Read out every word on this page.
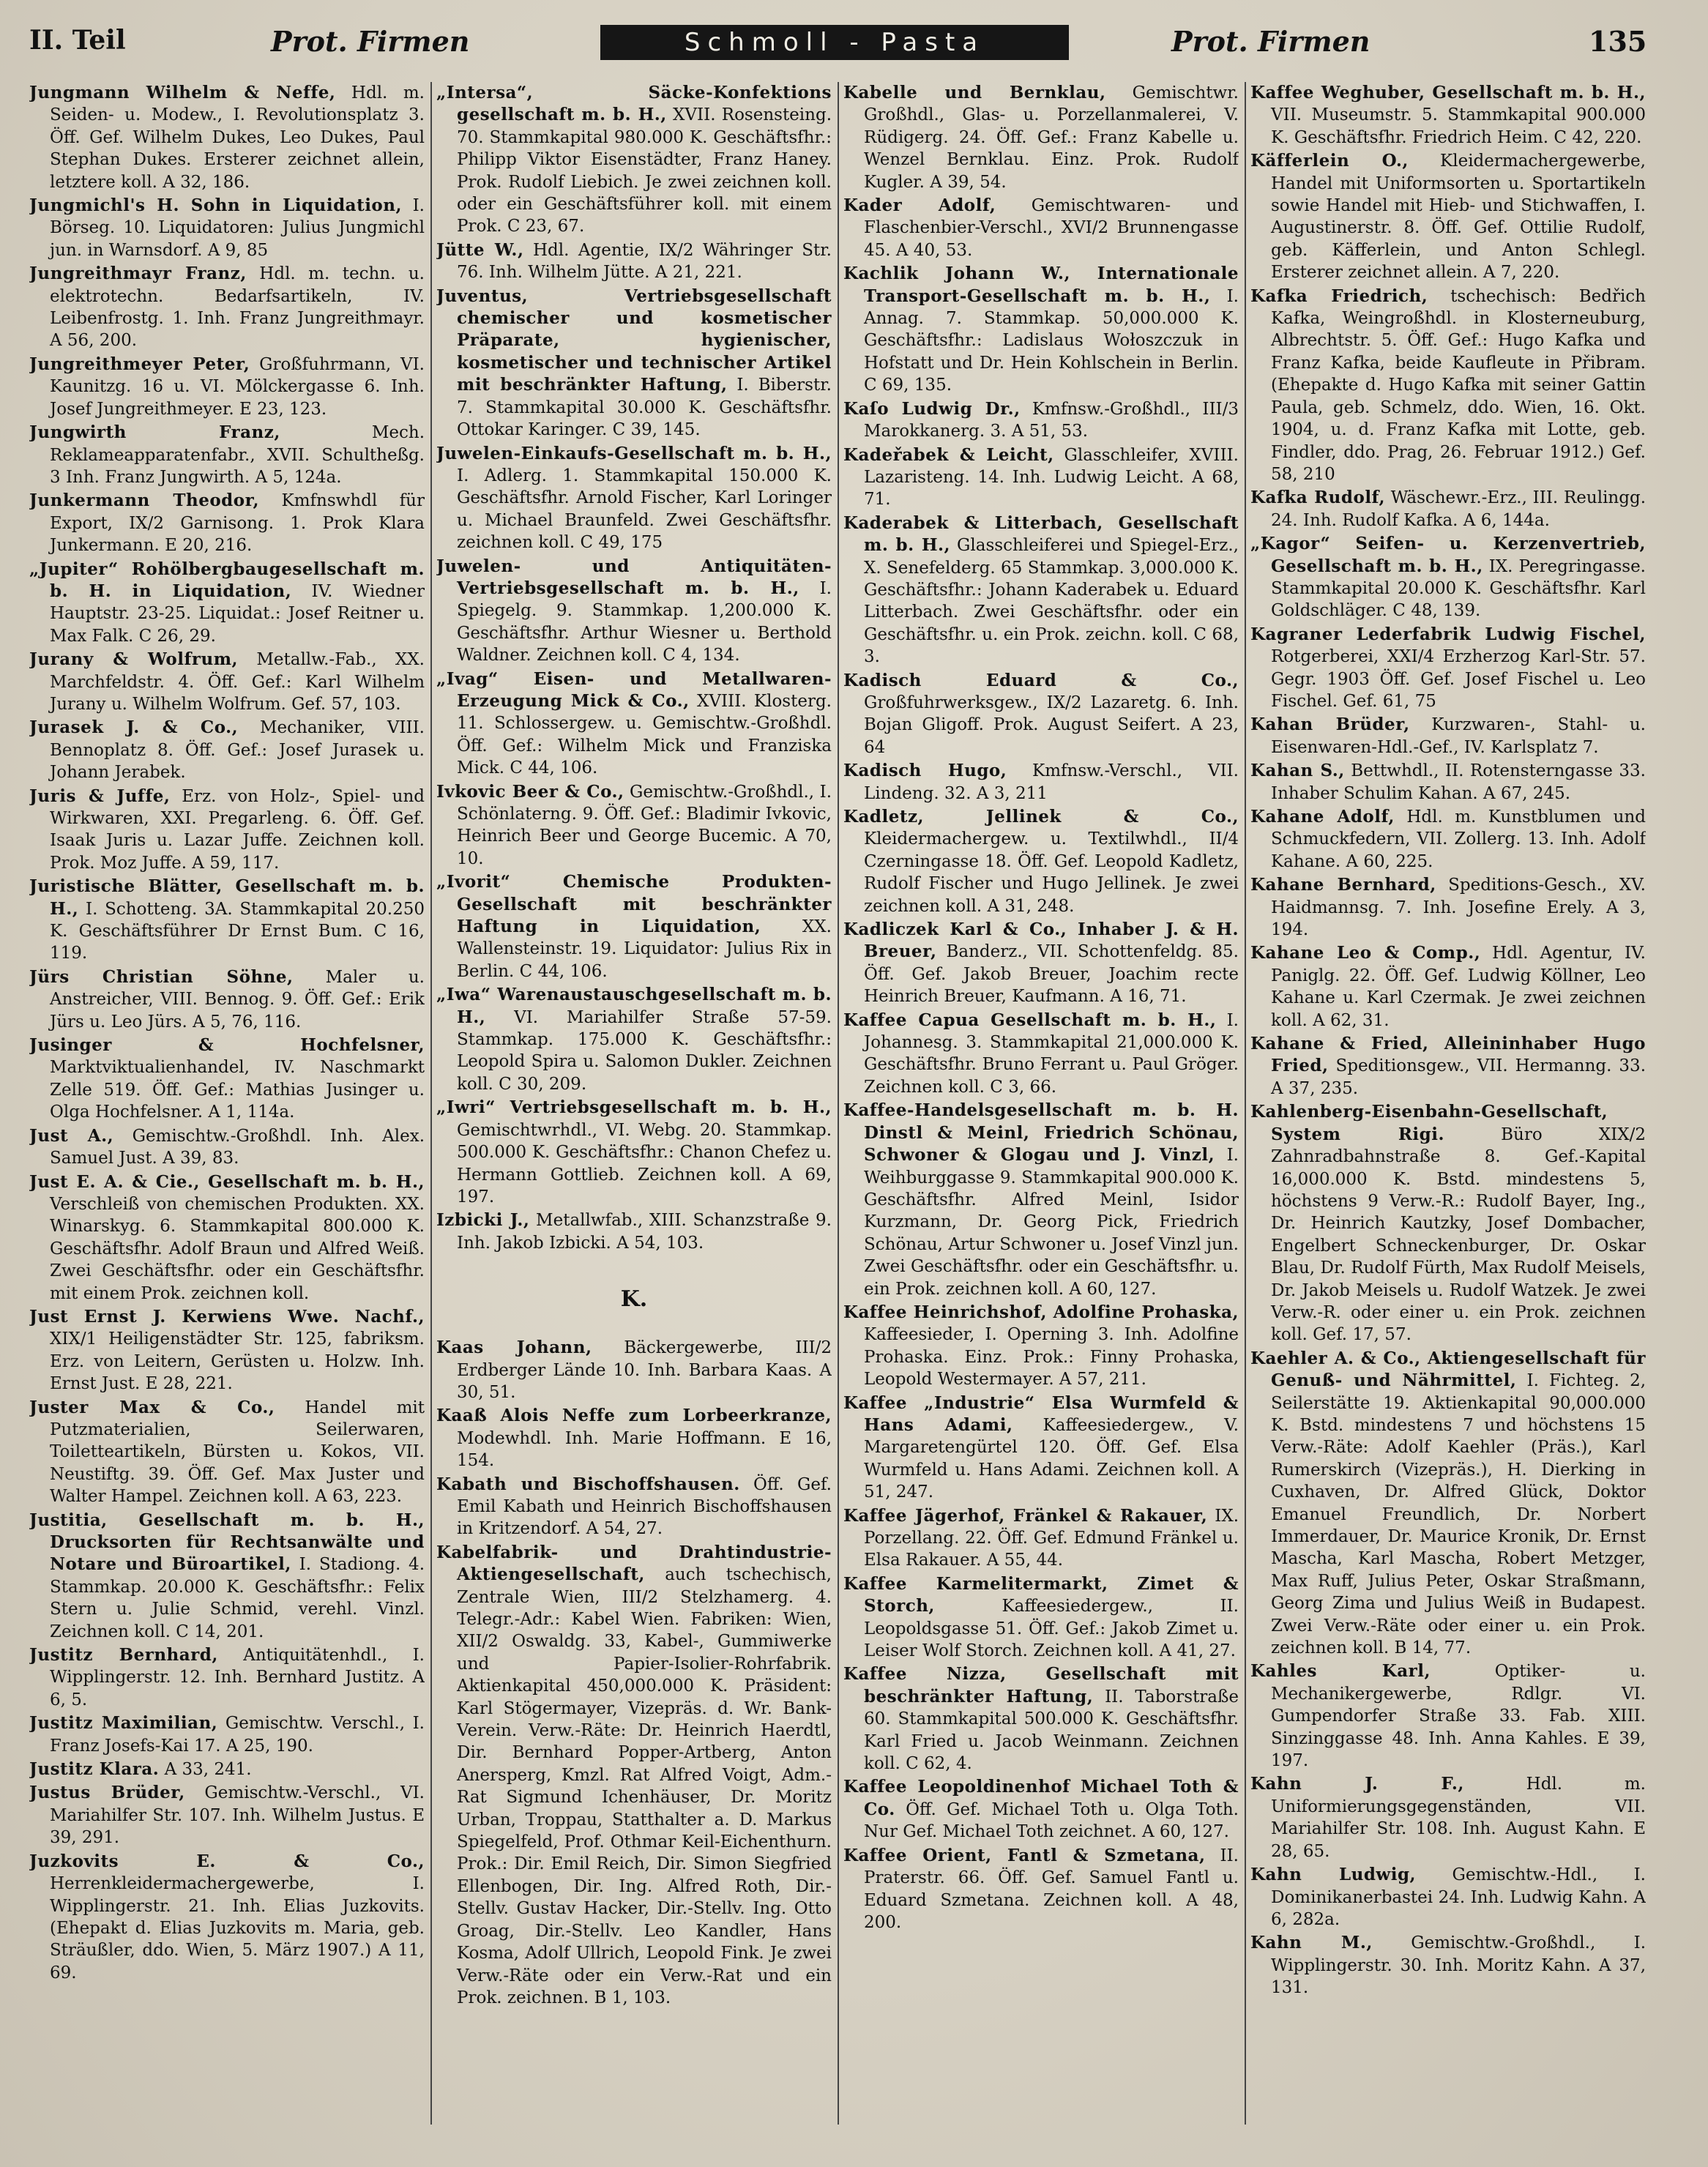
II. Teil	Prot. Firmen	Schmoll - Pasta	Prot. Firmen	135

Jungmann Wilhelm & Neffe, Hdl. m. Seiden- u. Modew., I. Revolutionsplatz 3. Öff. Gef. Wilhelm Dukes, Leo Dukes, Paul Stephan Dukes. Ersterer zeichnet allein, letztere koll. A 32, 186.

Jungmichl's H. Sohn in Liquidation, I. Börseg. 10. Liquidatoren: Julius Jungmichl jun. in Warnsdorf. A 9, 85

Jungreithmayr Franz, Hdl. m. techn. u. elektrotechn. Bedarfsartikeln, IV. Leibenfrostg. 1. Inh. Franz Jungreithmayr. A 56, 200.

Jungreithmeyer Peter, Großfuhrmann, VI. Kaunitzg. 16 u. VI. Mölckergasse 6. Inh. Josef Jungreithmeyer. E 23, 123.

Jungwirth Franz, Mech. Reklameapparatenfabr., XVII. Schultheßg. 3 Inh. Franz Jungwirth. A 5, 124a.

Junkermann Theodor, Kmfnswhdl für Export, IX/2 Garnisong. 1. Prok Klara Junkermann. E 20, 216.

„Jupiter“ Rohölbergbaugesellschaft m. b. H. in Liquidation, IV. Wiedner Hauptstr. 23-25. Liquidat.: Josef Reitner u. Max Falk. C 26, 29.

Jurany & Wolfrum, Metallw.-Fab., XX. Marchfeldstr. 4. Öff. Gef.: Karl Wilhelm Jurany u. Wilhelm Wolfrum. Gef. 57, 103.

Jurasek J. & Co., Mechaniker, VIII. Bennoplatz 8. Öff. Gef.: Josef Jurasek u. Johann Jerabek.

Juris & Juffe, Erz. von Holz-, Spiel- und Wirkwaren, XXI. Pregarleng. 6. Öff. Gef. Isaak Juris u. Lazar Juffe. Zeichnen koll. Prok. Moz Juffe. A 59, 117.

Juristische Blätter, Gesellschaft m. b. H., I. Schotteng. 3A. Stammkapital 20.250 K. Geschäftsführer Dr Ernst Bum. C 16, 119.

Jürs Christian Söhne, Maler u. Anstreicher, VIII. Bennog. 9. Öff. Gef.: Erik Jürs u. Leo Jürs. A 5, 76, 116.

Jusinger & Hochfelsner, Marktviktualienhandel, IV. Naschmarkt Zelle 519. Öff. Gef.: Mathias Jusinger u. Olga Hochfelsner. A 1, 114a.

Just A., Gemischtw.-Großhdl. Inh. Alex. Samuel Just. A 39, 83.

Just E. A. & Cie., Gesellschaft m. b. H., Verschleiß von chemischen Produkten. XX. Winarskyg. 6. Stammkapital 800.000 K. Geschäftsfhr. Adolf Braun und Alfred Weiß. Zwei Geschäftsfhr. oder ein Geschäftsfhr. mit einem Prok. zeichnen koll.

Just Ernst J. Kerwiens Wwe. Nachf., XIX/1 Heiligenstädter Str. 125, fabriksm. Erz. von Leitern, Gerüsten u. Holzw. Inh. Ernst Just. E 28, 221.

Juster Max & Co., Handel mit Putzmaterialien, Seilerwaren, Toiletteartikeln, Bürsten u. Kokos, VII. Neustiftg. 39. Öff. Gef. Max Juster und Walter Hampel. Zeichnen koll. A 63, 223.

Justitia, Gesellschaft m. b. H., Drucksorten für Rechtsanwälte und Notare und Büroartikel, I. Stadiong. 4. Stammkap. 20.000 K. Geschäftsfhr.: Felix Stern u. Julie Schmid, verehl. Vinzl. Zeichnen koll. C 14, 201.

Justitz Bernhard, Antiquitätenhdl., I. Wipplingerstr. 12. Inh. Bernhard Justitz. A 6, 5.

Justitz Maximilian, Gemischtw. Verschl., I. Franz Josefs-Kai 17. A 25, 190.

Justitz Klara. A 33, 241.

Justus Brüder, Gemischtw.-Verschl., VI. Mariahilfer Str. 107. Inh. Wilhelm Justus. E 39, 291.

Juzkovits E. & Co., Herrenkleidermachergewerbe, I. Wipplingerstr. 21. Inh. Elias Juzkovits. (Ehepakt d. Elias Juzkovits m. Maria, geb. Sträußler, ddo. Wien, 5. März 1907.) A 11, 69.

„Intersa“, Säcke-Konfektions gesellschaft m. b. H., XVII. Rosensteing. 70. Stammkapital 980.000 K. Geschäftsfhr.: Philipp Viktor Eisenstädter, Franz Haney. Prok. Rudolf Liebich. Je zwei zeichnen koll. oder ein Geschäftsführer koll. mit einem Prok. C 23, 67.

Jütte W., Hdl. Agentie, IX/2 Währinger Str. 76. Inh. Wilhelm Jütte. A 21, 221.

Juventus, Vertriebsgesellschaft chemischer und kosmetischer Präparate, hygienischer, kosmetischer und technischer Artikel mit beschränkter Haftung, I. Biberstr. 7. Stammkapital 30.000 K. Geschäftsfhr. Ottokar Karinger. C 39, 145.

Juwelen-Einkaufs-Gesellschaft m. b. H., I. Adlerg. 1. Stammkapital 150.000 K. Geschäftsfhr. Arnold Fischer, Karl Loringer u. Michael Braunfeld. Zwei Geschäftsfhr. zeichnen koll. C 49, 175

Juwelen- und Antiquitäten-Vertriebsgesellschaft m. b. H., I. Spiegelg. 9. Stammkap. 1,200.000 K. Geschäftsfhr. Arthur Wiesner u. Berthold Waldner. Zeichnen koll. C 4, 134.

„Ivag“ Eisen- und Metallwaren-Erzeugung Mick & Co., XVIII. Klosterg. 11. Schlossergew. u. Gemischtw.-Großhdl. Öff. Gef.: Wilhelm Mick und Franziska Mick. C 44, 106.

Ivkovic Beer & Co., Gemischtw.-Großhdl., I. Schönlaterng. 9. Öff. Gef.: Bladimir Ivkovic, Heinrich Beer und George Bucemic. A 70, 10.

„Ivorit“ Chemische Produkten-Gesellschaft mit beschränkter Haftung in Liquidation, XX. Wallensteinstr. 19. Liquidator: Julius Rix in Berlin. C 44, 106.

„Iwa“ Warenaustauschgesellschaft m. b. H., VI. Mariahilfer Straße 57-59. Stammkap. 175.000 K. Geschäftsfhr.: Leopold Spira u. Salomon Dukler. Zeichnen koll. C 30, 209.

„Iwri“ Vertriebsgesellschaft m. b. H., Gemischtwrhdl., VI. Webg. 20. Stammkap. 500.000 K. Geschäftsfhr.: Chanon Chefez u. Hermann Gottlieb. Zeichnen koll. A 69, 197.

Izbicki J., Metallwfab., XIII. Schanzstraße 9. Inh. Jakob Izbicki. A 54, 103.

K.

Kaas Johann, Bäckergewerbe, III/2 Erdberger Lände 10. Inh. Barbara Kaas. A 30, 51.

Kaaß Alois Neffe zum Lorbeerkranze, Modewhdl. Inh. Marie Hoffmann. E 16, 154.

Kabath und Bischoffshausen. Öff. Gef. Emil Kabath und Heinrich Bischoffshausen in Kritzendorf. A 54, 27.

Kabelfabrik- und Drahtindustrie-Aktiengesellschaft, auch tschechisch, Zentrale Wien, III/2 Stelzhamerg. 4. Telegr.-Adr.: Kabel Wien. Fabriken: Wien, XII/2 Oswaldg. 33, Kabel-, Gummiwerke und Papier-Isolier-Rohrfabrik. Aktienkapital 450,000.000 K. Präsident: Karl Stögermayer, Vizepräs. d. Wr. Bank-Verein. Verw.-Räte: Dr. Heinrich Haerdtl, Dir. Bernhard Popper-Artberg, Anton Anersperg, Kmzl. Rat Alfred Voigt, Adm.-Rat Sigmund Ichenhäuser, Dr. Moritz Urban, Troppau, Statthalter a. D. Markus Spiegelfeld, Prof. Othmar Keil-Eichenthurn. Prok.: Dir. Emil Reich, Dir. Simon Siegfried Ellenbogen, Dir. Ing. Alfred Roth, Dir.-Stellv. Gustav Hacker, Dir.-Stellv. Ing. Otto Groag, Dir.-Stellv. Leo Kandler, Hans Kosma, Adolf Ullrich, Leopold Fink. Je zwei Verw.-Räte oder ein Verw.-Rat und ein Prok. zeichnen. B 1, 103.

Kabelle und Bernklau, Gemischtwr. Großhdl., Glas- u. Porzellanmalerei, V. Rüdigerg. 24. Öff. Gef.: Franz Kabelle u. Wenzel Bernklau. Einz. Prok. Rudolf Kugler. A 39, 54.

Kader Adolf, Gemischtwaren- und Flaschenbier-Verschl., XVI/2 Brunnengasse 45. A 40, 53.

Kachlik Johann W., Internationale Transport-Gesellschaft m. b. H., I. Annag. 7. Stammkap. 50,000.000 K. Geschäftsfhr.: Ladislaus Wołoszczuk in Hofstatt und Dr. Hein Kohlschein in Berlin. C 69, 135.

Kaſo Ludwig Dr., Kmfnsw.-Großhdl., III/3 Marokkanerg. 3. A 51, 53.

Kadeřabek & Leicht, Glasschleifer, XVIII. Lazaristeng. 14. Inh. Ludwig Leicht. A 68, 71.

Kaderabek & Litterbach, Gesellschaft m. b. H., Glasschleiferei und Spiegel-Erz., X. Senefelderg. 65 Stammkap. 3,000.000 K. Geschäftsfhr.: Johann Kaderabek u. Eduard Litterbach. Zwei Geschäftsfhr. oder ein Geschäftsfhr. u. ein Prok. zeichn. koll. C 68, 3.

Kadisch Eduard & Co., Großfuhrwerksgew., IX/2 Lazaretg. 6. Inh. Bojan Gligoff. Prok. August Seifert. A 23, 64

Kadisch Hugo, Kmfnsw.-Verschl., VII. Lindeng. 32. A 3, 211

Kadletz, Jellinek & Co., Kleidermachergew. u. Textilwhdl., II/4 Czerningasse 18. Öff. Gef. Leopold Kadletz, Rudolf Fischer und Hugo Jellinek. Je zwei zeichnen koll. A 31, 248.

Kadliczek Karl & Co., Inhaber J. & H. Breuer, Banderz., VII. Schottenfeldg. 85. Öff. Gef. Jakob Breuer, Joachim recte Heinrich Breuer, Kaufmann. A 16, 71.

Kaffee Capua Gesellschaft m. b. H., I. Johannesg. 3. Stammkapital 21,000.000 K. Geschäftsfhr. Bruno Ferrant u. Paul Gröger. Zeichnen koll. C 3, 66.

Kaffee-Handelsgesellschaft m. b. H. Dinstl & Meinl, Friedrich Schönau, Schwoner & Glogau und J. Vinzl, I. Weihburggasse 9. Stammkapital 900.000 K. Geschäftsfhr. Alfred Meinl, Isidor Kurzmann, Dr. Georg Pick, Friedrich Schönau, Artur Schwoner u. Josef Vinzl jun. Zwei Geschäftsfhr. oder ein Geschäftsfhr. u. ein Prok. zeichnen koll. A 60, 127.

Kaffee Heinrichshof, Adolfine Prohaska, Kaffeesieder, I. Operning 3. Inh. Adolfine Prohaska. Einz. Prok.: Finny Prohaska, Leopold Westermayer. A 57, 211.

Kaffee „Industrie“ Elsa Wurmfeld & Hans Adami, Kaffeesiedergew., V. Margaretengürtel 120. Öff. Gef. Elsa Wurmfeld u. Hans Adami. Zeichnen koll. A 51, 247.

Kaffee Jägerhof, Fränkel & Rakauer, IX. Porzellang. 22. Öff. Gef. Edmund Fränkel u. Elsa Rakauer. A 55, 44.

Kaffee Karmelitermarkt, Zimet & Storch, Kaffeesiedergew., II. Leopoldsgasse 51. Öff. Gef.: Jakob Zimet u. Leiser Wolf Storch. Zeichnen koll. A 41, 27.

Kaffee Nizza, Gesellschaft mit beschränkter Haftung, II. Taborstraße 60. Stammkapital 500.000 K. Geschäftsfhr. Karl Fried u. Jacob Weinmann. Zeichnen koll. C 62, 4.

Kaffee Leopoldinenhof Michael Toth & Co. Öff. Gef. Michael Toth u. Olga Toth. Nur Gef. Michael Toth zeichnet. A 60, 127.

Kaffee Orient, Fantl & Szmetana, II. Praterstr. 66. Öff. Gef. Samuel Fantl u. Eduard Szmetana. Zeichnen koll. A 48, 200.

Kaffee Weghuber, Gesellschaft m. b. H., VII. Museumstr. 5. Stammkapital 900.000 K. Geschäftsfhr. Friedrich Heim. C 42, 220.

Käfferlein O., Kleidermachergewerbe, Handel mit Uniformsorten u. Sportartikeln sowie Handel mit Hieb- und Stichwaffen, I. Augustinerstr. 8. Öff. Gef. Ottilie Rudolf, geb. Käfferlein, und Anton Schlegl. Ersterer zeichnet allein. A 7, 220.

Kafka Friedrich, tschechisch: Bedřich Kafka, Weingroßhdl. in Klosterneuburg, Albrechtstr. 5. Öff. Gef.: Hugo Kafka und Franz Kafka, beide Kaufleute in Přibram. (Ehepakte d. Hugo Kafka mit seiner Gattin Paula, geb. Schmelz, ddo. Wien, 16. Okt. 1904, u. d. Franz Kafka mit Lotte, geb. Findler, ddo. Prag, 26. Februar 1912.) Gef. 58, 210

Kafka Rudolf, Wäschewr.-Erz., III. Reulingg. 24. Inh. Rudolf Kafka. A 6, 144a.

„Kagor“ Seifen- u. Kerzenvertrieb, Gesellschaft m. b. H., IX. Peregringasse. Stammkapital 20.000 K. Geschäftsfhr. Karl Goldschläger. C 48, 139.

Kagraner Lederfabrik Ludwig Fischel, Rotgerberei, XXI/4 Erzherzog Karl-Str. 57. Gegr. 1903 Öff. Gef. Josef Fischel u. Leo Fischel. Gef. 61, 75

Kahan Brüder, Kurzwaren-, Stahl- u. Eisenwaren-Hdl.-Gef., IV. Karlsplatz 7.

Kahan S., Bettwhdl., II. Rotensterngasse 33. Inhaber Schulim Kahan. A 67, 245.

Kahane Adolf, Hdl. m. Kunstblumen und Schmuckfedern, VII. Zollerg. 13. Inh. Adolf Kahane. A 60, 225.

Kahane Bernhard, Speditions-Gesch., XV. Haidmannsg. 7. Inh. Josefine Erely. A 3, 194.

Kahane Leo & Comp., Hdl. Agentur, IV. Paniglg. 22. Öff. Gef. Ludwig Köllner, Leo Kahane u. Karl Czermak. Je zwei zeichnen koll. A 62, 31.

Kahane & Fried, Alleininhaber Hugo Fried, Speditionsgew., VII. Hermanng. 33. A 37, 235.

Kahlenberg-Eisenbahn-Gesellschaft, System Rigi. Büro XIX/2 Zahnradbahnstraße 8. Gef.-Kapital 16,000.000 K. Bstd. mindestens 5, höchstens 9 Verw.-R.: Rudolf Bayer, Ing., Dr. Heinrich Kautzky, Josef Dombacher, Engelbert Schneckenburger, Dr. Oskar Blau, Dr. Rudolf Fürth, Max Rudolf Meisels, Dr. Jakob Meisels u. Rudolf Watzek. Je zwei Verw.-R. oder einer u. ein Prok. zeichnen koll. Gef. 17, 57.

Kaehler A. & Co., Aktiengesellschaft für Genuß- und Nährmittel, I. Fichteg. 2, Seilerstätte 19. Aktienkapital 90,000.000 K. Bstd. mindestens 7 und höchstens 15 Verw.-Räte: Adolf Kaehler (Präs.), Karl Rumerskirch (Vizepräs.), H. Dierking in Cuxhaven, Dr. Alfred Glück, Doktor Emanuel Freundlich, Dr. Norbert Immerdauer, Dr. Maurice Kronik, Dr. Ernst Mascha, Karl Mascha, Robert Metzger, Max Ruff, Julius Peter, Oskar Straßmann, Georg Zima und Julius Weiß in Budapest. Zwei Verw.-Räte oder einer u. ein Prok. zeichnen koll. B 14, 77.

Kahles Karl, Optiker- u. Mechanikergewerbe, Rdlgr. VI. Gumpendorfer Straße 33. Fab. XIII. Sinzinggasse 48. Inh. Anna Kahles. E 39, 197.

Kahn J. F., Hdl. m. Uniformierungsgegenständen, VII. Mariahilfer Str. 108. Inh. August Kahn. E 28, 65.

Kahn Ludwig, Gemischtw.-Hdl., I. Dominikanerbastei 24. Inh. Ludwig Kahn. A 6, 282a.

Kahn M., Gemischtw.-Großhdl., I. Wipplingerstr. 30. Inh. Moritz Kahn. A 37, 131.
